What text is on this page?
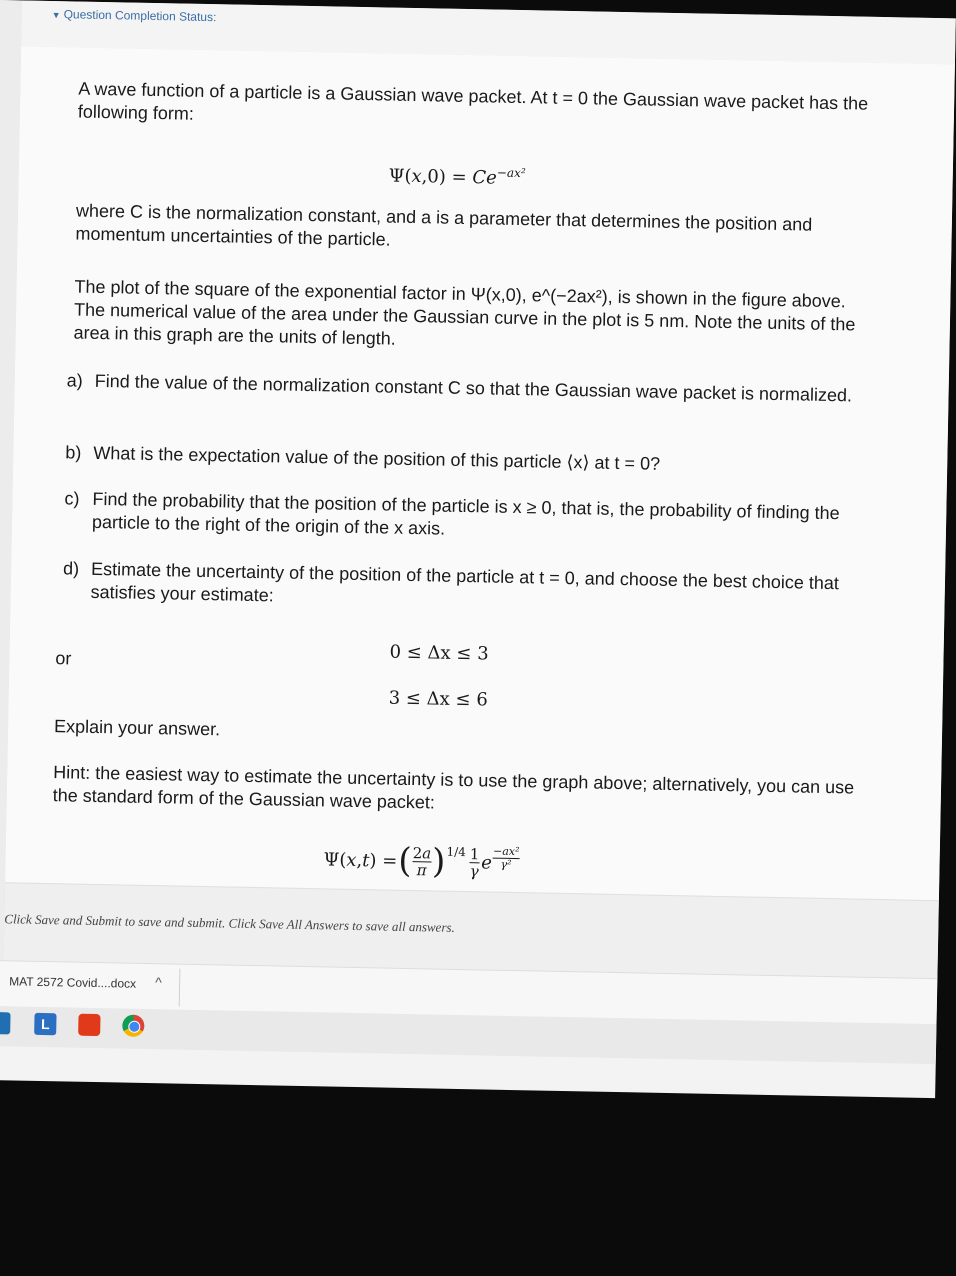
▼ Question Completion Status:
A wave function of a particle is a Gaussian wave packet. At t = 0 the Gaussian wave packet has the following form:
$\Psi(x,0) = Ce^{-ax^2}$
where C is the normalization constant, and a is a parameter that determines the position and momentum uncertainties of the particle.
The plot of the square of the exponential factor in Ψ(x,0), e^(−2ax²), is shown in the figure above. The numerical value of the area under the Gaussian curve in the plot is 5 nm. Note the units of the area in this graph are the units of length.
a) Find the value of the normalization constant C so that the Gaussian wave packet is normalized.
b) What is the expectation value of the position of this particle ⟨x⟩ at t = 0?
c) Find the probability that the position of the particle is x ≥ 0, that is, the probability of finding the particle to the right of the origin of the x axis.
d) Estimate the uncertainty of the position of the particle at t = 0, and choose the best choice that satisfies your estimate:
0 ≤ Δx ≤ 3
or
3 ≤ Δx ≤ 6
Explain your answer.
Hint: the easiest way to estimate the uncertainty is to use the graph above; alternatively, you can use the standard form of the Gaussian wave packet:
Ψ( x , t ) = ( 2a
π )$^{1/4}$ 1
γ e
−ax²
γ²
Click Save and Submit to save and submit. Click Save All Answers to save all answers.
MAT 2572 Covid....docx ^
L
